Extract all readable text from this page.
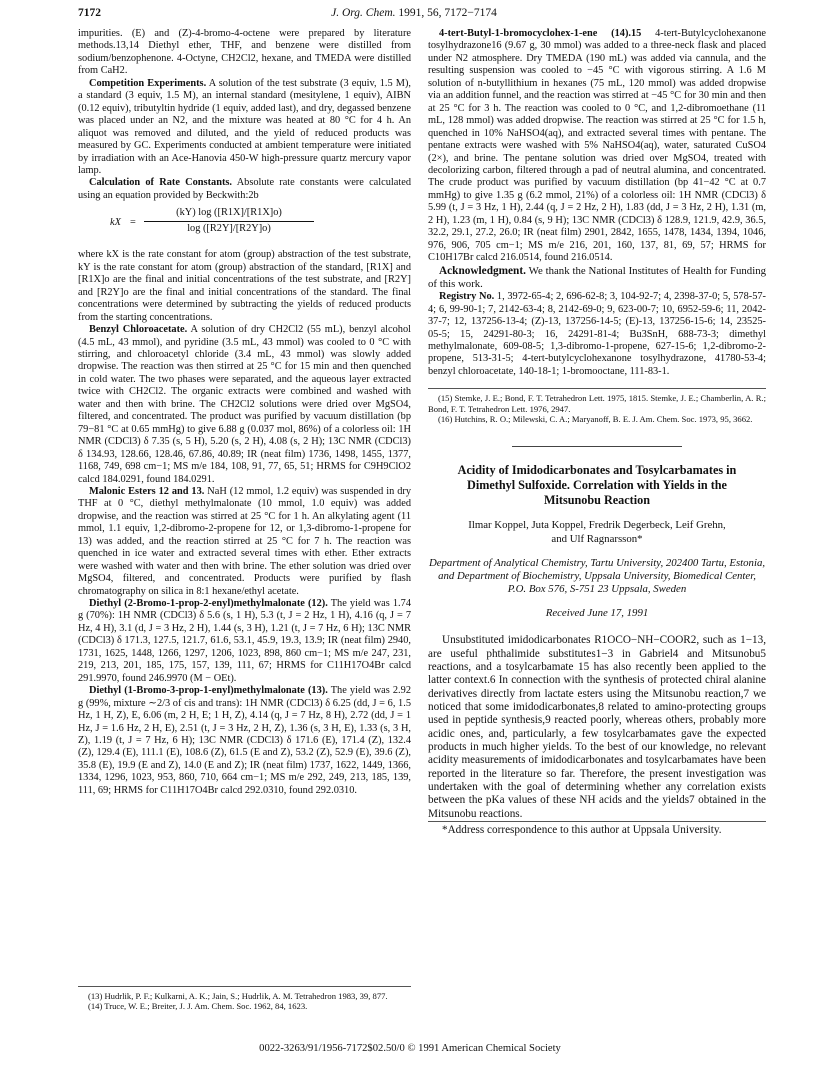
7172	J. Org. Chem. 1991, 56, 7172−7174

impurities. (E) and (Z)-4-bromo-4-octene were prepared by literature methods.13,14 Diethyl ether, THF, and benzene were distilled from sodium/benzophenone. 4-Octyne, CH2Cl2, hexane, and TMEDA were distilled from CaH2.

Competition Experiments. A solution of the test substrate (3 equiv, 1.5 M), a standard (3 equiv, 1.5 M), an internal standard (mesitylene, 1 equiv), AIBN (0.12 equiv), tributyltin hydride (1 equiv, added last), and dry, degassed benzene was placed under an N2, and the mixture was heated at 80 °C for 4 h. An aliquot was removed and diluted, and the yield of reduced products was measured by GC. Experiments conducted at ambient temperature were initiated by irradiation with an Ace-Hanovia 450-W high-pressure quartz mercury vapor lamp.

Calculation of Rate Constants. Absolute rate constants were calculated using an equation provided by Beckwith:2b

kX = $\frac{(kY) \log ([R1X]/[R1X]o)}{\log ([R2Y]/[R2Y]o)}$

where kX is the rate constant for atom (group) abstraction of the test substrate, kY is the rate constant for atom (group) abstraction of the standard, [R1X] and [R1X]o are the final and initial concentrations of the test substrate, and [R2Y] and [R2Y]o are the final and initial concentrations of the standard. The final concentrations were determined by subtracting the yields of reduced products from the starting concentrations.

Benzyl Chloroacetate. A solution of dry CH2Cl2 (55 mL), benzyl alcohol (4.5 mL, 43 mmol), and pyridine (3.5 mL, 43 mmol) was cooled to 0 °C with stirring, and chloroacetyl chloride (3.4 mL, 43 mmol) was slowly added dropwise. The reaction was then stirred at 25 °C for 15 min and then quenched in cold water. The two phases were separated, and the aqueous layer extracted twice with CH2Cl2. The organic extracts were combined and washed with water and then with brine. The CH2Cl2 solutions were dried over MgSO4, filtered, and concentrated. The product was purified by vacuum distillation (bp 79−81 °C at 0.65 mmHg) to give 6.88 g (0.037 mol, 86%) of a colorless oil: 1H NMR (CDCl3) δ 7.35 (s, 5 H), 5.20 (s, 2 H), 4.08 (s, 2 H); 13C NMR (CDCl3) δ 134.93, 128.66, 128.46, 67.86, 40.89; IR (neat film) 1736, 1498, 1455, 1377, 1168, 749, 698 cm−1; MS m/e 184, 108, 91, 77, 65, 51; HRMS for C9H9ClO2 calcd 184.0291, found 184.0291.

Malonic Esters 12 and 13. NaH (12 mmol, 1.2 equiv) was suspended in dry THF at 0 °C, diethyl methylmalonate (10 mmol, 1.0 equiv) was added dropwise, and the reaction was stirred at 25 °C for 1 h. An alkylating agent (11 mmol, 1.1 equiv, 1,2-dibromo-2-propene for 12, or 1,3-dibromo-1-propene for 13) was added, and the reaction stirred at 25 °C for 7 h. The reaction was quenched in ice water and extracted several times with ether. Ether extracts were washed with water and then with brine. The ether solution was dried over MgSO4, filtered, and concentrated. Products were purified by flash chromatography on silica in 8:1 hexane/ethyl acetate.

Diethyl (2-Bromo-1-prop-2-enyl)methylmalonate (12). The yield was 1.74 g (70%): 1H NMR (CDCl3) δ 5.6 (s, 1 H), 5.3 (t, J = 2 Hz, 1 H), 4.16 (q, J = 7 Hz, 4 H), 3.1 (d, J = 3 Hz, 2 H), 1.44 (s, 3 H), 1.21 (t, J = 7 Hz, 6 H); 13C NMR (CDCl3) δ 171.3, 127.5, 121.7, 61.6, 53.1, 45.9, 19.3, 13.9; IR (neat film) 2940, 1731, 1625, 1448, 1266, 1297, 1206, 1023, 898, 860 cm−1; MS m/e 247, 231, 219, 213, 201, 185, 175, 157, 139, 111, 67; HRMS for C11H17O4Br calcd 291.9970, found 246.9970 (M − OEt).

Diethyl (1-Bromo-3-prop-1-enyl)methylmalonate (13). The yield was 2.92 g (99%, mixture ∼2/3 of cis and trans): 1H NMR (CDCl3) δ 6.25 (dd, J = 6, 1.5 Hz, 1 H, Z), E, 6.06 (m, 2 H, E; 1 H, Z), 4.14 (q, J = 7 Hz, 8 H), 2.72 (dd, J = 1 Hz, J = 1.6 Hz, 2 H, E), 2.51 (t, J = 3 Hz, 2 H, Z), 1.36 (s, 3 H, E), 1.33 (s, 3 H, Z), 1.19 (t, J = 7 Hz, 6 H); 13C NMR (CDCl3) δ 171.6 (E), 171.4 (Z), 132.4 (Z), 129.4 (E), 111.1 (E), 108.6 (Z), 61.5 (E and Z), 53.2 (Z), 52.9 (E), 39.6 (Z), 35.8 (E), 19.9 (E and Z), 14.0 (E and Z); IR (neat film) 1737, 1622, 1449, 1366, 1334, 1296, 1023, 953, 860, 710, 664 cm−1; MS m/e 292, 249, 213, 185, 139, 111, 69; HRMS for C11H17O4Br calcd 292.0310, found 292.0310.

(13) Hudrlik, P. F.; Kulkarni, A. K.; Jain, S.; Hudrlik, A. M. Tetrahedron 1983, 39, 877.

(14) Truce, W. E.; Breiter, J. J. Am. Chem. Soc. 1962, 84, 1623.

4-tert-Butyl-1-bromocyclohex-1-ene (14).15 4-tert-Butylcyclohexanone tosylhydrazone16 (9.67 g, 30 mmol) was added to a three-neck flask and placed under N2 atmosphere. Dry TMEDA (190 mL) was added via cannula, and the resulting suspension was cooled to −45 °C with vigorous stirring. A 1.6 M solution of n-butyllithium in hexanes (75 mL, 120 mmol) was added dropwise via an addition funnel, and the reaction was stirred at −45 °C for 30 min and then at 25 °C for 3 h. The reaction was cooled to 0 °C, and 1,2-dibromoethane (11 mL, 128 mmol) was added dropwise. The reaction was stirred at 25 °C for 1.5 h, quenched in 10% NaHSO4(aq), and extracted several times with pentane. The pentane extracts were washed with 5% NaHSO4(aq), water, saturated CuSO4 (2×), and brine. The pentane solution was dried over MgSO4, treated with decolorizing carbon, filtered through a pad of neutral alumina, and concentrated. The crude product was purified by vacuum distillation (bp 41−42 °C at 0.7 mmHg) to give 1.35 g (6.2 mmol, 21%) of a colorless oil: 1H NMR (CDCl3) δ 5.99 (t, J = 3 Hz, 1 H), 2.44 (q, J = 2 Hz, 2 H), 1.83 (dd, J = 3 Hz, 2 H), 1.31 (m, 2 H), 1.23 (m, 1 H), 0.84 (s, 9 H); 13C NMR (CDCl3) δ 128.9, 121.9, 42.9, 36.5, 32.2, 29.1, 27.2, 26.0; IR (neat film) 2901, 2842, 1655, 1478, 1434, 1394, 1046, 976, 906, 705 cm−1; MS m/e 216, 201, 160, 137, 81, 69, 57; HRMS for C10H17Br calcd 216.0514, found 216.0514.

Acknowledgment. We thank the National Institutes of Health for Funding of this work.

Registry No. 1, 3972-65-4; 2, 696-62-8; 3, 104-92-7; 4, 2398-37-0; 5, 578-57-4; 6, 99-90-1; 7, 2142-63-4; 8, 2142-69-0; 9, 623-00-7; 10, 6952-59-6; 11, 2042-37-7; 12, 137256-13-4; (Z)-13, 137256-14-5; (E)-13, 137256-15-6; 14, 23525-05-5; 15, 24291-80-3; 16, 24291-81-4; Bu3SnH, 688-73-3; dimethyl methylmalonate, 609-08-5; 1,3-dibromo-1-propene, 627-15-6; 1,2-dibromo-2-propene, 513-31-5; 4-tert-butylcyclohexanone tosylhydrazone, 41780-53-4; benzyl chloroacetate, 140-18-1; 1-bromooctane, 111-83-1.

(15) Stemke, J. E.; Bond, F. T. Tetrahedron Lett. 1975, 1815. Stemke, J. E.; Chamberlin, A. R.; Bond, F. T. Tetrahedron Lett. 1976, 2947.

(16) Hutchins, R. O.; Milewski, C. A.; Maryanoff, B. E. J. Am. Chem. Soc. 1973, 95, 3662.

Acidity of Imidodicarbonates and Tosylcarbamates in Dimethyl Sulfoxide. Correlation with Yields in the Mitsunobu Reaction
Ilmar Koppel, Juta Koppel, Fredrik Degerbeck, Leif Grehn,
and Ulf Ragnarsson*
Department of Analytical Chemistry, Tartu University, 202400 Tartu, Estonia, and Department of Biochemistry, Uppsala University, Biomedical Center, P.O. Box 576, S-751 23 Uppsala, Sweden
Received June 17, 1991

Unsubstituted imidodicarbonates R1OCO−NH−COOR2, such as 1−13, are useful phthalimide substitutes1−3 in Gabriel4 and Mitsunobu5 reactions, and a tosylcarbamate 15 has also recently been applied to the latter context.6 In connection with the synthesis of protected chiral alanine derivatives directly from lactate esters using the Mitsunobu reaction,7 we noticed that some imidodicarbonates,8 related to amino-protecting groups used in peptide synthesis,9 reacted poorly, whereas others, probably more acidic ones, and, particularly, a few tosylcarbamates gave the expected products in much higher yields. To the best of our knowledge, no relevant acidity measurements of imidodicarbonates and tosylcarbamates have been reported in the literature so far. Therefore, the present investigation was undertaken with the goal of determining whether any correlation exists between the pKa values of these NH acids and the yields7 obtained in the Mitsunobu reactions.

*Address correspondence to this author at Uppsala University.

0022-3263/91/1956-7172$02.50/0 © 1991 American Chemical Society
